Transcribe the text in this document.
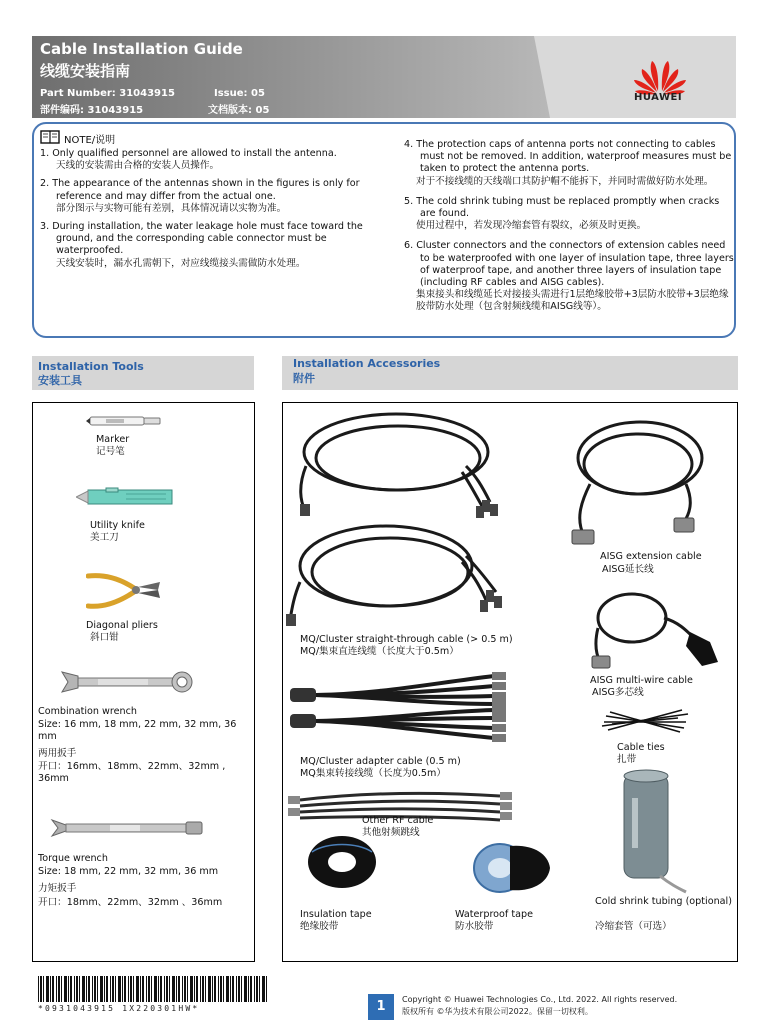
Cable Installation Guide
线缆安装指南
Part Number: 31043915
部件编码: 31043915
Issue: 05
文档版本: 05
HUAWEI
NOTE/说明
1. Only qualified personnel are allowed to install the antenna.
天线的安装需由合格的安装人员操作。
2. The appearance of the antennas shown in the figures is only for reference and may differ from the actual one.
部分图示与实物可能有差别，具体情况请以实物为准。
3. During installation, the water leakage hole must face toward the ground, and the corresponding cable connector must be waterproofed.
天线安装时，漏水孔需朝下，对应线缆接头需做防水处理。
4. The protection caps of antenna ports not connecting to cables must not be removed. In addition, waterproof measures must be taken to protect the antenna ports.
对于不接线缆的天线端口其防护帽不能拆下，并同时需做好防水处理。
5. The cold shrink tubing must be replaced promptly when cracks are found.
使用过程中，若发现冷缩套管有裂纹，必须及时更换。
6. Cluster connectors and the connectors of extension cables need to be waterproofed with one layer of insulation tape, three layers of waterproof tape, and another three layers of insulation tape (including RF cables and AISG cables).
集束接头和线缆延长对接接头需进行1层绝缘胶带+3层防水胶带+3层绝缘胶带防水处理（包含射频线缆和AISG线等）。
Installation Tools
安装工具
Installation Accessories
附件
Marker
记号笔
Utility knife
美工刀
Diagonal pliers
斜口钳
Combination wrench
Size: 16 mm, 18 mm, 22 mm, 32 mm, 36 mm
两用扳手
开口：16mm、18mm、22mm、32mm , 36mm
Torque wrench
Size: 18 mm, 22 mm, 32 mm, 36 mm
力矩扳手
开口：18mm、22mm、32mm 、36mm
MQ/Cluster straight-through cable (> 0.5 m)
MQ/集束直连线缆（长度大于0.5m）
AISG extension cable
AISG延长线
AISG multi-wire cable
AISG多芯线
Cable ties
扎带
MQ/Cluster adapter cable (0.5 m)
MQ集束转接线缆（长度为0.5m）
Other RF cable
其他射频跳线
Insulation tape
绝缘胶带
Waterproof tape
防水胶带
Cold shrink tubing (optional)
冷缩套管（可选）
*0931043915 1X220301HW*	1	Copyright © Huawei Technologies Co., Ltd. 2022. All rights reserved.
版权所有 ©华为技术有限公司2022。保留一切权利。
